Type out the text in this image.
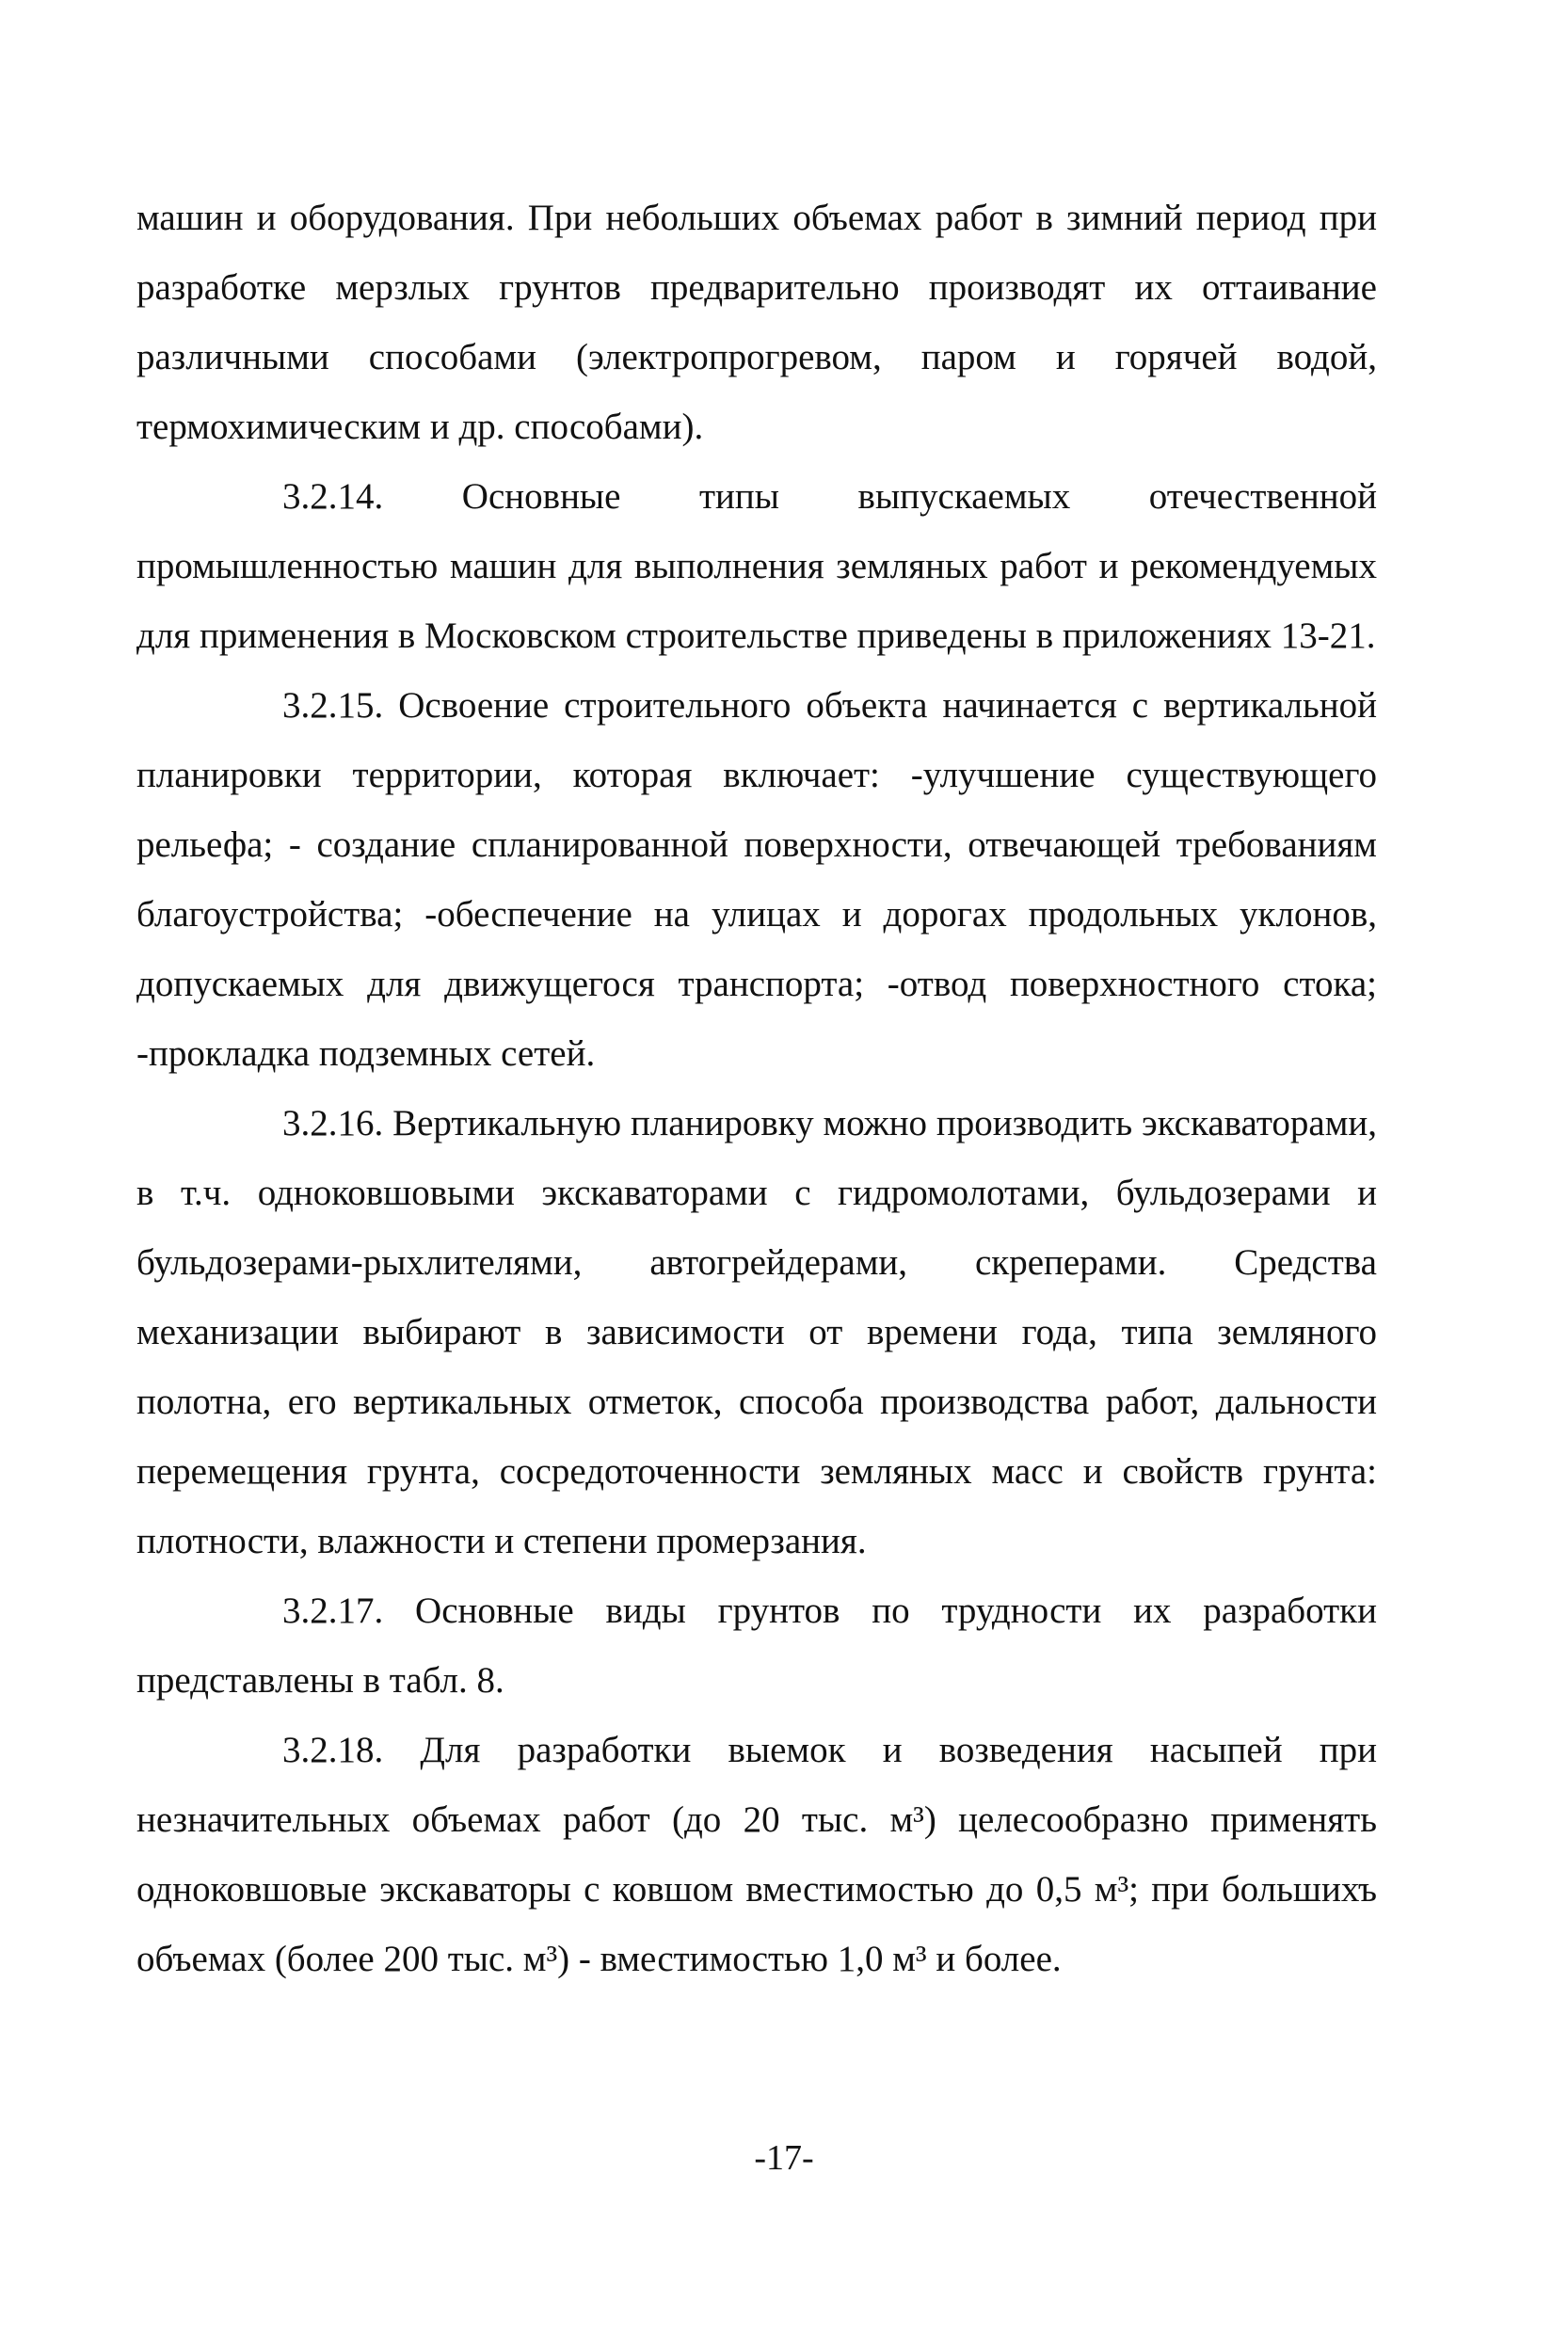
машин и оборудования. При небольших объемах работ в зимний период при разработке мерзлых грунтов предварительно производят их оттаивание различными способами (электропрогревом, паром и горячей водой, термохимическим и др. способами).

3.2.14. Основные типы выпускаемых отечественной промышленностью машин для выполнения земляных работ и рекомендуемых для применения в Московском строительстве приведены в приложениях 13-21.

3.2.15. Освоение строительного объекта начинается с вертикальной планировки территории, которая включает: -улучшение существующего рельефа; - создание спланированной поверхности, отвечающей требованиям благоустройства; -обеспечение на улицах и дорогах продольных уклонов, допускаемых для движущегося транспорта; -отвод поверхностного стока; -прокладка подземных сетей.

3.2.16. Вертикальную планировку можно производить экскаваторами, в т.ч. одноковшовыми экскаваторами с гидромолотами, бульдозерами и бульдозерами-рыхлителями, автогрейдерами, скреперами. Средства механизации выбирают в зависимости от времени года, типа земляного полотна, его вертикальных отметок, способа производства работ, дальности перемещения грунта, сосредоточенности земляных масс и свойств грунта: плотности, влажности и степени промерзания.

3.2.17. Основные виды грунтов по трудности их разработки представлены в табл. 8.

3.2.18. Для разработки выемок и возведения насыпей при незначительных объемах работ (до 20 тыс. м³) целесообразно применять одноковшовые экскаваторы с ковшом вместимостью до 0,5 м³; при большихъ объемах (более 200 тыс. м³) - вместимостью 1,0 м³ и более.

-17-
